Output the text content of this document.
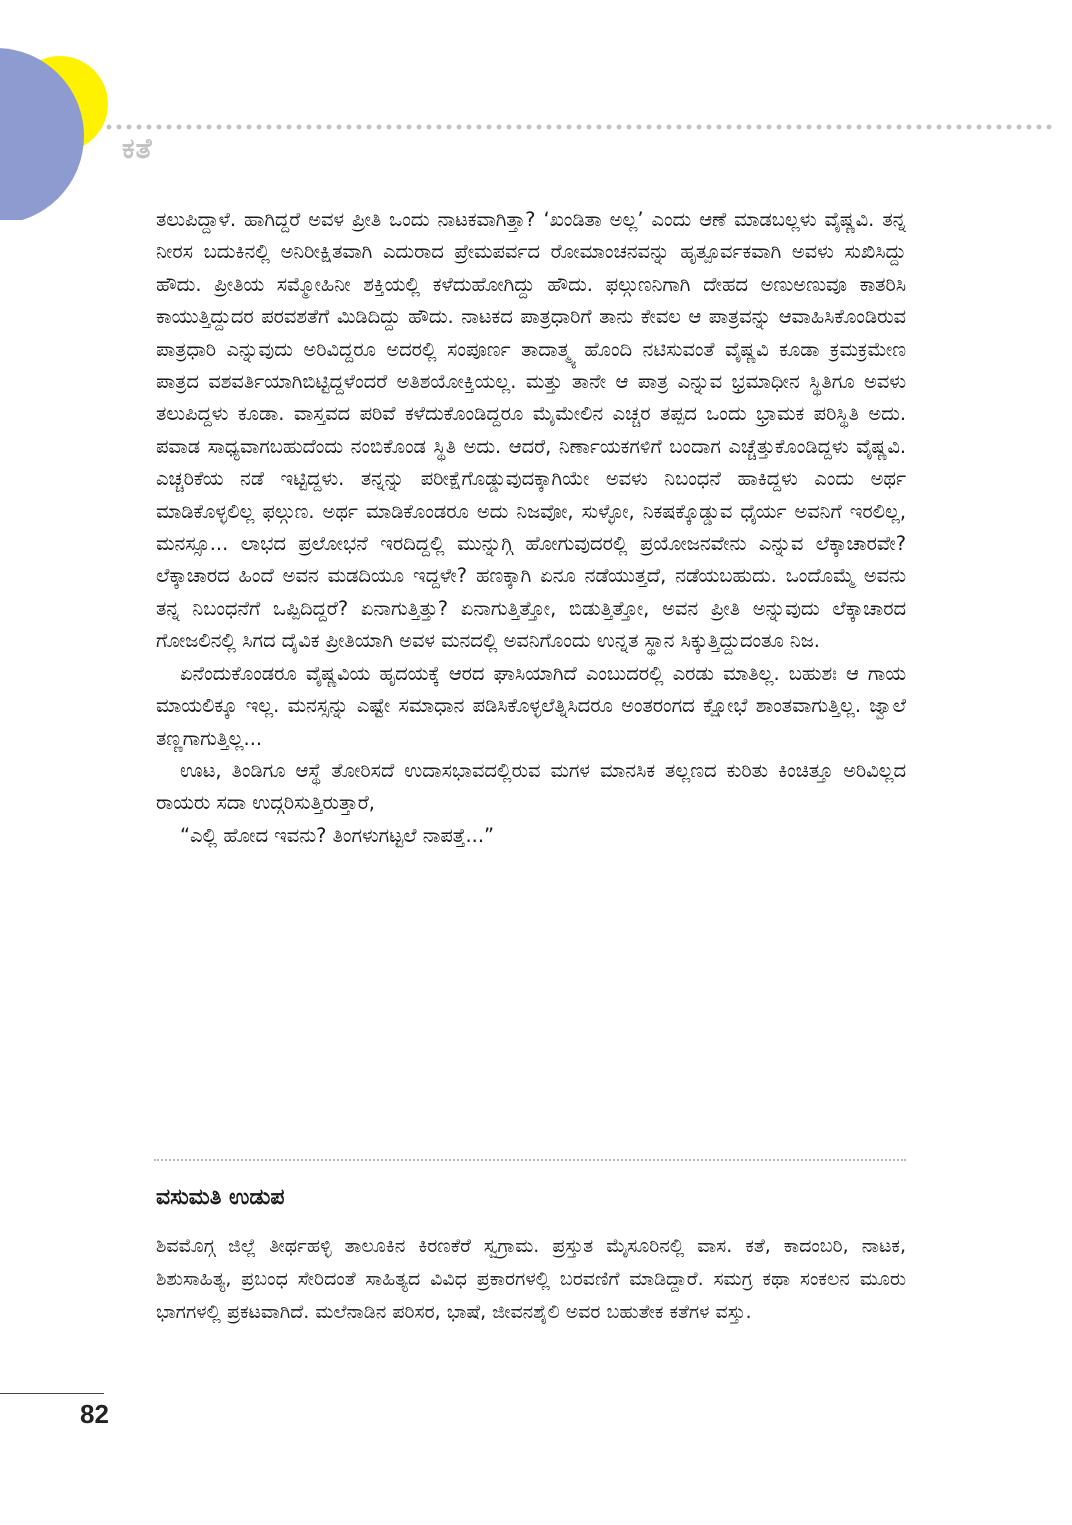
ಕತೆ

ತಲುಪಿದ್ದಾಳೆ. ಹಾಗಿದ್ದರೆ ಅವಳ ಪ್ರೀತಿ ಒಂದು ನಾಟಕವಾಗಿತ್ತಾ? ‘ಖಂಡಿತಾ ಅಲ್ಲ’ ಎಂದು ಆಣೆ ಮಾಡಬಲ್ಲಳು ವೈಷ್ಣವಿ. ತನ್ನ ನೀರಸ ಬದುಕಿನಲ್ಲಿ ಅನಿರೀಕ್ಷಿತವಾಗಿ ಎದುರಾದ ಪ್ರೇಮಪರ್ವದ ರೋಮಾಂಚನವನ್ನು ಹೃತ್ಪೂರ್ವಕವಾಗಿ ಅವಳು ಸುಖಿಸಿದ್ದು ಹೌದು. ಪ್ರೀತಿಯ ಸಮ್ಮೋಹಿನೀ ಶಕ್ತಿಯಲ್ಲಿ ಕಳೆದುಹೋಗಿದ್ದು ಹೌದು. ಫಲ್ಗುಣನಿಗಾಗಿ ದೇಹದ ಅಣುಅಣುವೂ ಕಾತರಿಸಿ ಕಾಯುತ್ತಿದ್ದುದರ ಪರವಶತೆಗೆ ಮಿಡಿದಿದ್ದು ಹೌದು. ನಾಟಕದ ಪಾತ್ರಧಾರಿಗೆ ತಾನು ಕೇವಲ ಆ ಪಾತ್ರವನ್ನು ಆವಾಹಿಸಿಕೊಂಡಿರುವ ಪಾತ್ರಧಾರಿ ಎನ್ನುವುದು ಅರಿವಿದ್ದರೂ ಅದರಲ್ಲಿ ಸಂಪೂರ್ಣ ತಾದಾತ್ಮ್ಯ ಹೊಂದಿ ನಟಿಸುವಂತೆ ವೈಷ್ಣವಿ ಕೂಡಾ ಕ್ರಮಕ್ರಮೇಣ ಪಾತ್ರದ ವಶವರ್ತಿಯಾಗಿಬಿಟ್ಟಿದ್ದಳೆಂದರೆ ಅತಿಶಯೋಕ್ತಿಯಲ್ಲ. ಮತ್ತು ತಾನೇ ಆ ಪಾತ್ರ ಎನ್ನುವ ಭ್ರಮಾಧೀನ ಸ್ಥಿತಿಗೂ ಅವಳು ತಲುಪಿದ್ದಳು ಕೂಡಾ. ವಾಸ್ತವದ ಪರಿವೆ ಕಳೆದುಕೊಂಡಿದ್ದರೂ ಮೈಮೇಲಿನ ಎಚ್ಚರ ತಪ್ಪದ ಒಂದು ಭ್ರಾಮಕ ಪರಿಸ್ಥಿತಿ ಅದು. ಪವಾಡ ಸಾಧ್ಯವಾಗಬಹುದೆಂದು ನಂಬಿಕೊಂಡ ಸ್ಥಿತಿ ಅದು. ಆದರೆ, ನಿರ್ಣಾಯಕಗಳಿಗೆ ಬಂದಾಗ ಎಚ್ಚೆತ್ತುಕೊಂಡಿದ್ದಳು ವೈಷ್ಣವಿ. ಎಚ್ಚರಿಕೆಯ ನಡೆ ಇಟ್ಟಿದ್ದಳು. ತನ್ನನ್ನು ಪರೀಕ್ಷೆಗೊಡ್ಡುವುದಕ್ಕಾಗಿಯೇ ಅವಳು ನಿಬಂಧನೆ ಹಾಕಿದ್ದಳು ಎಂದು ಅರ್ಥ ಮಾಡಿಕೊಳ್ಳಲಿಲ್ಲ ಫಲ್ಗುಣ. ಅರ್ಥ ಮಾಡಿಕೊಂಡರೂ ಅದು ನಿಜವೋ, ಸುಳ್ಳೋ, ನಿಕಷಕ್ಕೊಡ್ಡುವ ಧೈರ್ಯ ಅವನಿಗೆ ಇರಲಿಲ್ಲ, ಮನಸ್ಸೂ... ಲಾಭದ ಪ್ರಲೋಭನೆ ಇರದಿದ್ದಲ್ಲಿ ಮುನ್ನುಗ್ಗಿ ಹೋಗುವುದರಲ್ಲಿ ಪ್ರಯೋಜನವೇನು ಎನ್ನುವ ಲೆಕ್ಕಾಚಾರವೇ? ಲೆಕ್ಕಾಚಾರದ ಹಿಂದೆ ಅವನ ಮಡದಿಯೂ ಇದ್ದಳೇ? ಹಣಕ್ಕಾಗಿ ಏನೂ ನಡೆಯುತ್ತದೆ, ನಡೆಯಬಹುದು. ಒಂದೊಮ್ಮೆ ಅವನು ತನ್ನ ನಿಬಂಧನೆಗೆ ಒಪ್ಪಿದಿದ್ದರೆ? ಏನಾಗುತ್ತಿತ್ತು? ಏನಾಗುತ್ತಿತ್ತೋ, ಬಿಡುತ್ತಿತ್ತೋ, ಅವನ ಪ್ರೀತಿ ಅನ್ನುವುದು ಲೆಕ್ಕಾಚಾರದ ಗೋಜಲಿನಲ್ಲಿ ಸಿಗದ ದೈವಿಕ ಪ್ರೀತಿಯಾಗಿ ಅವಳ ಮನದಲ್ಲಿ ಅವನಿಗೊಂದು ಉನ್ನತ ಸ್ಥಾನ ಸಿಕ್ಕುತ್ತಿದ್ದುದಂತೂ ನಿಜ.

ಏನೆಂದುಕೊಂಡರೂ ವೈಷ್ಣವಿಯ ಹೃದಯಕ್ಕೆ ಆರದ ಘಾಸಿಯಾಗಿದೆ ಎಂಬುದರಲ್ಲಿ ಎರಡು ಮಾತಿಲ್ಲ. ಬಹುಶಃ ಆ ಗಾಯ ಮಾಯಲಿಕ್ಕೂ ಇಲ್ಲ. ಮನಸ್ಸನ್ನು ಎಷ್ಟೇ ಸಮಾಧಾನ ಪಡಿಸಿಕೊಳ್ಳಲೆತ್ನಿಸಿದರೂ ಅಂತರಂಗದ ಕ್ಷೋಭೆ ಶಾಂತವಾಗುತ್ತಿಲ್ಲ. ಜ್ವಾಲೆ ತಣ್ಣಗಾಗುತ್ತಿಲ್ಲ...

ಊಟ, ತಿಂಡಿಗೂ ಆಸ್ಥೆ ತೋರಿಸದೆ ಉದಾಸಭಾವದಲ್ಲಿರುವ ಮಗಳ ಮಾನಸಿಕ ತಲ್ಲಣದ ಕುರಿತು ಕಿಂಚಿತ್ತೂ ಅರಿವಿಲ್ಲದ ರಾಯರು ಸದಾ ಉದ್ಗರಿಸುತ್ತಿರುತ್ತಾರೆ,

“ಎಲ್ಲಿ ಹೋದ ಇವನು? ತಿಂಗಳುಗಟ್ಟಲೆ ನಾಪತ್ತೆ...”

ವಸುಮತಿ ಉಡುಪ

ಶಿವಮೊಗ್ಗ ಜಿಲ್ಲೆ ತೀರ್ಥಹಳ್ಳಿ ತಾಲೂಕಿನ ಕಿರಣಕೆರೆ ಸ್ವಗ್ರಾಮ. ಪ್ರಸ್ತುತ ಮೈಸೂರಿನಲ್ಲಿ ವಾಸ. ಕತೆ, ಕಾದಂಬರಿ, ನಾಟಕ, ಶಿಶುಸಾಹಿತ್ಯ, ಪ್ರಬಂಧ ಸೇರಿದಂತೆ ಸಾಹಿತ್ಯದ ವಿವಿಧ ಪ್ರಕಾರಗಳಲ್ಲಿ ಬರವಣಿಗೆ ಮಾಡಿದ್ದಾರೆ. ಸಮಗ್ರ ಕಥಾ ಸಂಕಲನ ಮೂರು ಭಾಗಗಳಲ್ಲಿ ಪ್ರಕಟವಾಗಿದೆ. ಮಲೆನಾಡಿನ ಪರಿಸರ, ಭಾಷೆ, ಜೀವನಶೈಲಿ ಅವರ ಬಹುತೇಕ ಕತೆಗಳ ವಸ್ತು.

82
